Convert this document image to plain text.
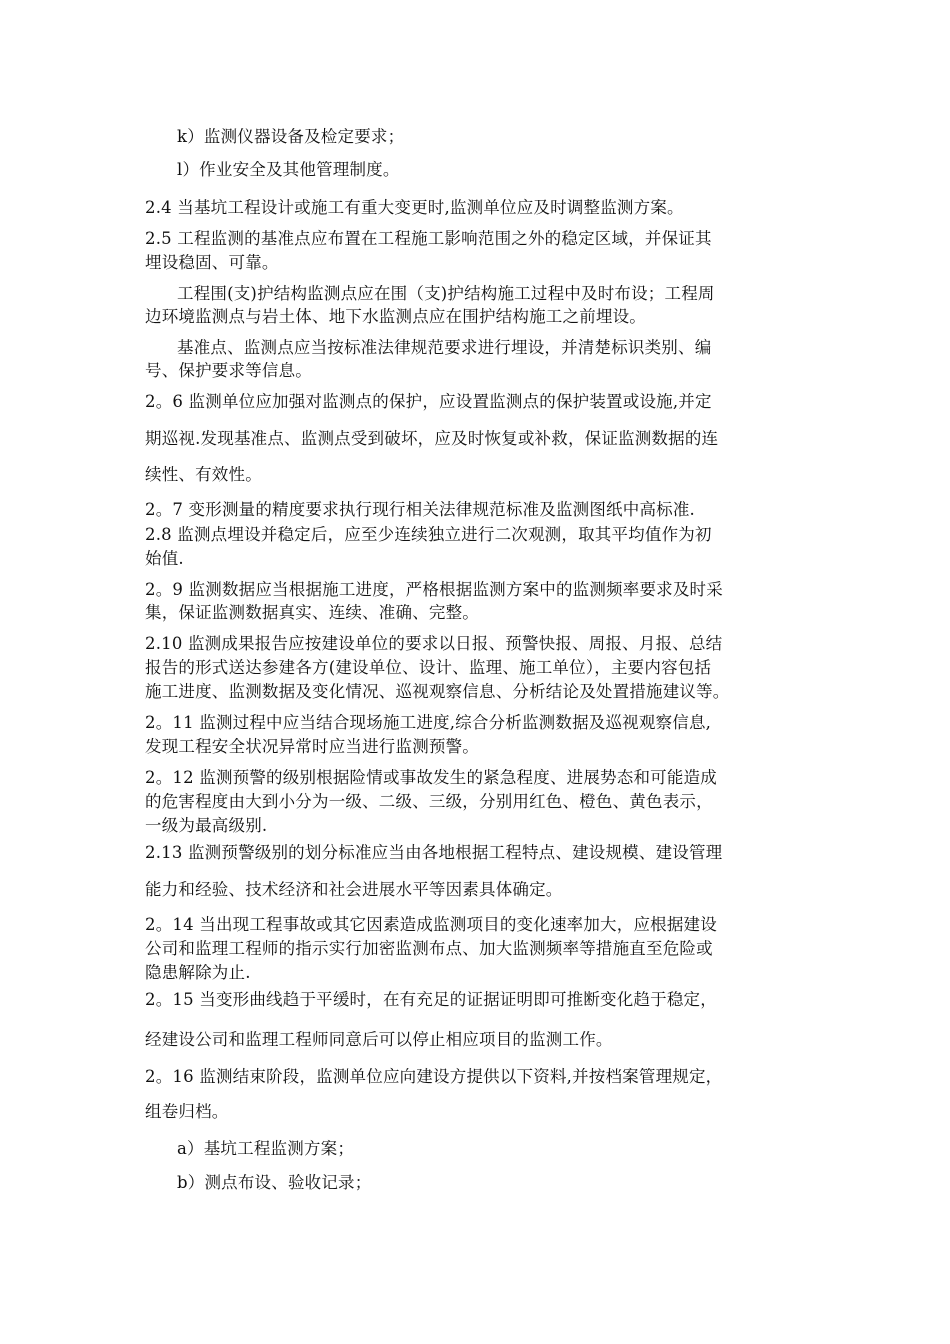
k）监测仪器设备及检定要求；
l）作业安全及其他管理制度。
2.4 当基坑工程设计或施工有重大变更时,监测单位应及时调整监测方案。
2.5 工程监测的基准点应布置在工程施工影响范围之外的稳定区域，并保证其
埋设稳固、可靠。
工程围(支)护结构监测点应在围（支)护结构施工过程中及时布设；工程周
边环境监测点与岩土体、地下水监测点应在围护结构施工之前埋设。
基准点、监测点应当按标准法律规范要求进行埋设，并清楚标识类别、编
号、保护要求等信息。
2。6 监测单位应加强对监测点的保护，应设置监测点的保护装置或设施,并定
期巡视.发现基准点、监测点受到破坏，应及时恢复或补救，保证监测数据的连
续性、有效性。
2。7 变形测量的精度要求执行现行相关法律规范标准及监测图纸中高标准.
2.8 监测点埋设并稳定后，应至少连续独立进行二次观测，取其平均值作为初
始值.
2。9 监测数据应当根据施工进度，严格根据监测方案中的监测频率要求及时采
集，保证监测数据真实、连续、准确、完整。
2.10 监测成果报告应按建设单位的要求以日报、预警快报、周报、月报、总结
报告的形式送达参建各方(建设单位、设计、监理、施工单位），主要内容包括
施工进度、监测数据及变化情况、巡视观察信息、分析结论及处置措施建议等。
2。11 监测过程中应当结合现场施工进度,综合分析监测数据及巡视观察信息,
发现工程安全状况异常时应当进行监测预警。
2。12 监测预警的级别根据险情或事故发生的紧急程度、进展势态和可能造成
的危害程度由大到小分为一级、二级、三级，分别用红色、橙色、黄色表示，
一级为最高级别.
2.13 监测预警级别的划分标准应当由各地根据工程特点、建设规模、建设管理
能力和经验、技术经济和社会进展水平等因素具体确定。
2。14 当出现工程事故或其它因素造成监测项目的变化速率加大，应根据建设
公司和监理工程师的指示实行加密监测布点、加大监测频率等措施直至危险或
隐患解除为止.
2。15 当变形曲线趋于平缓时，在有充足的证据证明即可推断变化趋于稳定，
经建设公司和监理工程师同意后可以停止相应项目的监测工作。
2。16 监测结束阶段，监测单位应向建设方提供以下资料,并按档案管理规定，
组卷归档。
a）基坑工程监测方案；
b）测点布设、验收记录；
